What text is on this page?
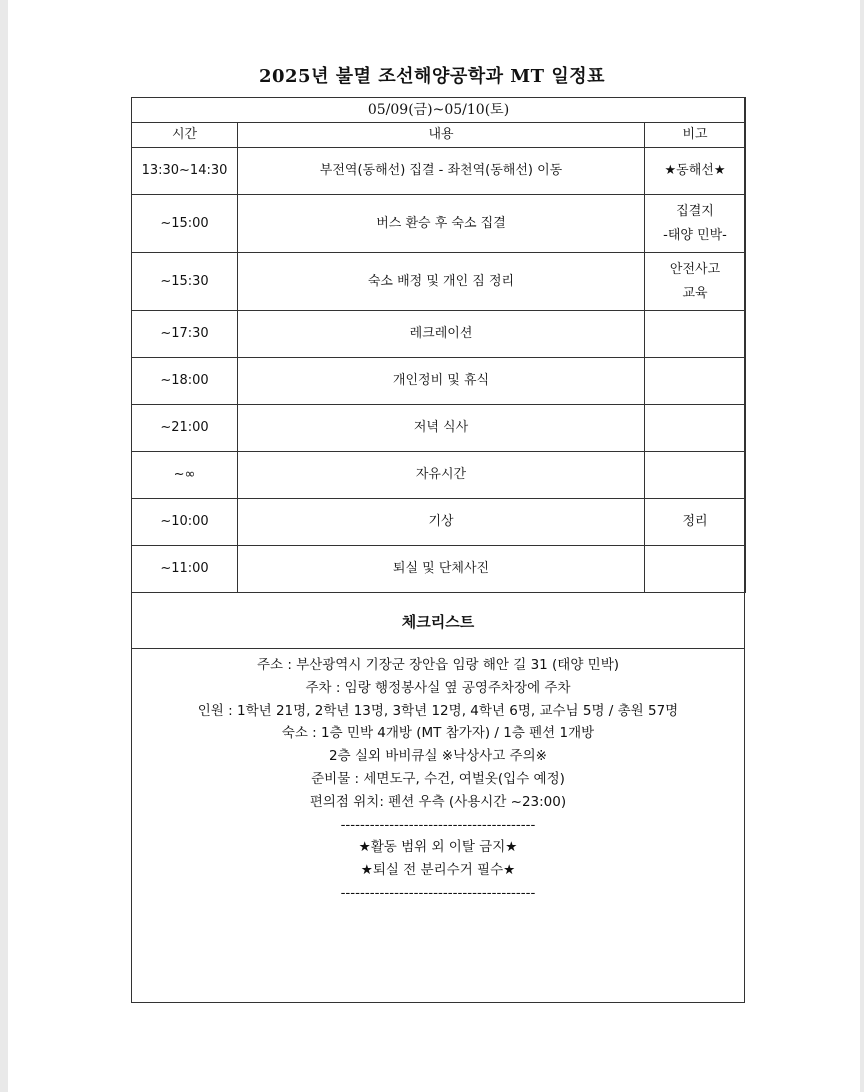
2025년 불멸 조선해양공학과 MT 일정표
05/09(금)~05/10(토)		
시간	내용	비고
13:30~14:30	부전역(동해선) 집결 - 좌천역(동해선) 이동	★동해선★

~15:00	버스 환승 후 숙소 집결	집결지
-태양 민박-

~15:30	숙소 배정 및 개인 짐 정리	안전사고
교육

~17:30	레크레이션	
~18:00	개인정비 및 휴식	
~21:00	저녁 식사	
~∞	자유시간	
~10:00	기상	정리

~11:00	퇴실 및 단체사진	
체크리스트
주소 : 부산광역시 기장군 장안읍 임랑 해안 길 31 (태양 민박)
주차 : 임랑 행정봉사실 옆 공영주차장에 주차
인원 : 1학년 21명, 2학년 13명, 3학년 12명, 4학년 6명, 교수님 5명 / 총원 57명
숙소 : 1층 민박 4개방 (MT 참가자) / 1층 펜션 1개방
2층 실외 바비큐실 ※낙상사고 주의※
준비물 : 세면도구, 수건, 여벌옷(입수 예정)
편의점 위치: 펜션 우측 (사용시간 ~23:00)
----------------------------------------
★활동 범위 외 이탈 금지★
★퇴실 전 분리수거 필수★
----------------------------------------
